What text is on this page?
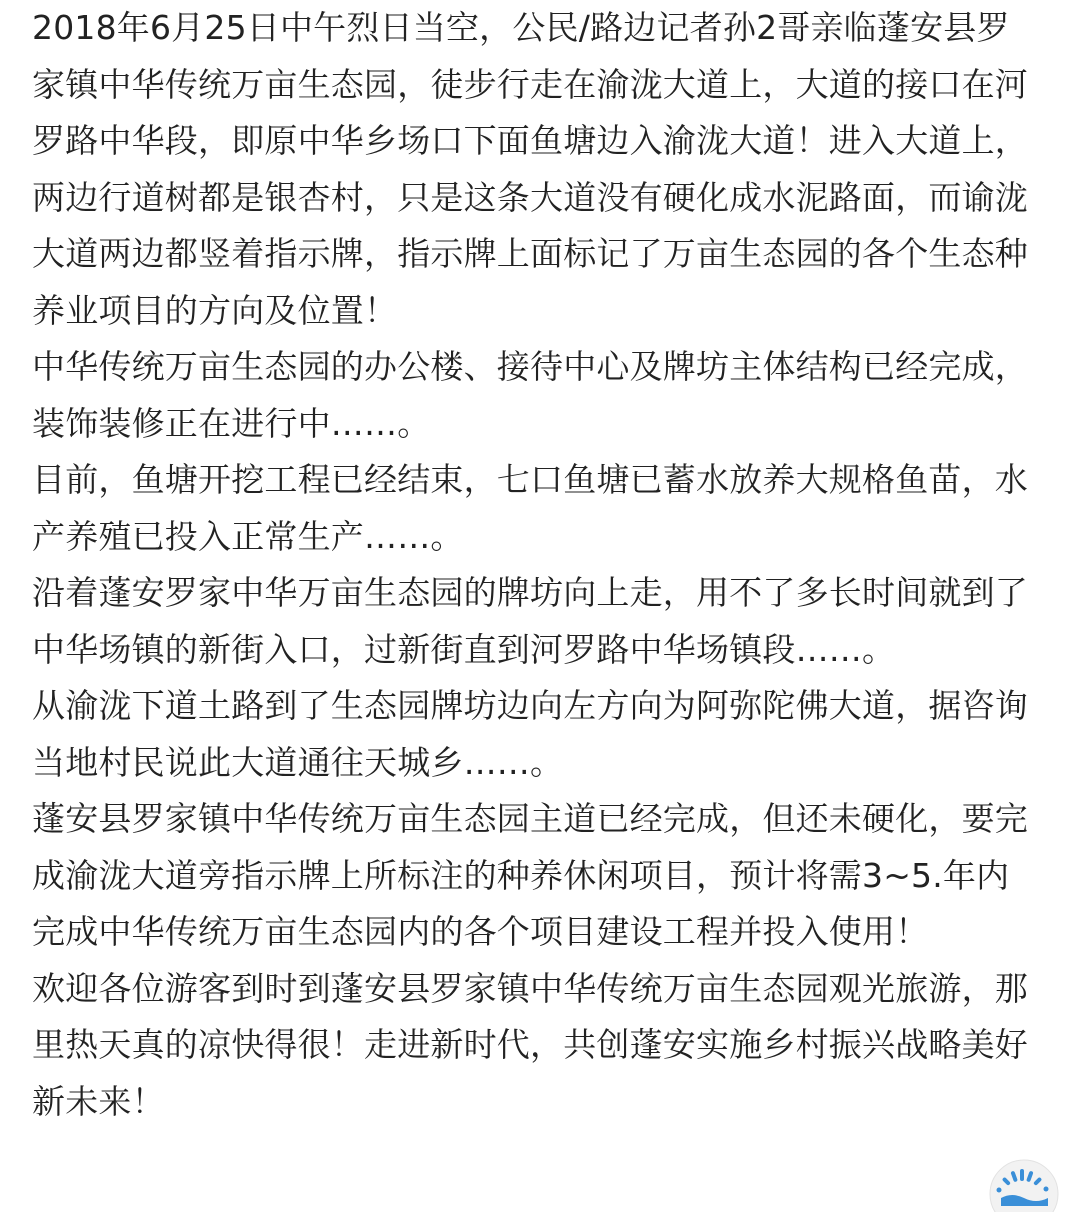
2018年6月25日中午烈日当空，公民/路边记者孙2哥亲临蓬安县罗家镇中华传统万亩生态园，徒步行走在渝泷大道上，大道的接口在河罗路中华段，即原中华乡场口下面鱼塘边入渝泷大道！进入大道上，两边行道树都是银杏村，只是这条大道没有硬化成水泥路面，而谕泷大道两边都竖着指示牌，指示牌上面标记了万亩生态园的各个生态种养业项目的方向及位置！

中华传统万亩生态园的办公楼、接待中心及牌坊主体结构已经完成，装饰装修正在进行中……。

目前，鱼塘开挖工程已经结束，七口鱼塘已蓄水放养大规格鱼苗，水产养殖已投入正常生产……。

沿着蓬安罗家中华万亩生态园的牌坊向上走，用不了多长时间就到了中华场镇的新街入口，过新街直到河罗路中华场镇段……。

从渝泷下道土路到了生态园牌坊边向左方向为阿弥陀佛大道，据咨询当地村民说此大道通往天城乡……。

蓬安县罗家镇中华传统万亩生态园主道已经完成，但还未硬化，要完成渝泷大道旁指示牌上所标注的种养休闲项目，预计将需3~5.年内完成中华传统万亩生态园内的各个项目建设工程并投入使用！

欢迎各位游客到时到蓬安县罗家镇中华传统万亩生态园观光旅游，那里热天真的凉快得很！走进新时代，共创蓬安实施乡村振兴战略美好新未来！
